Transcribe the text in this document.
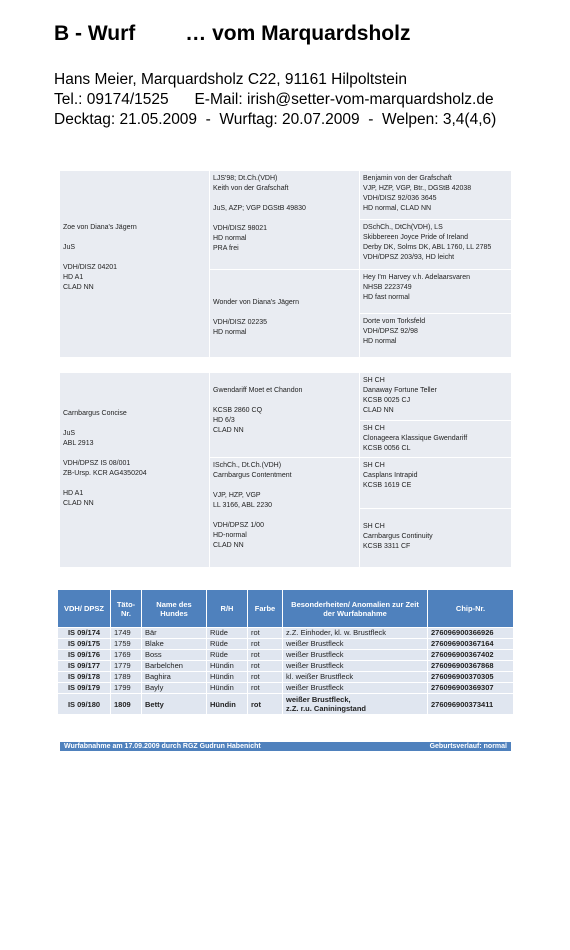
B - Wurf … vom Marquardsholz
Hans Meier, Marquardsholz C22, 91161 Hilpoltstein
Tel.: 09174/1525      E-Mail: irish@setter-vom-marquardsholz.de
Decktag: 21.05.2009  -  Wurftag: 20.07.2009  -  Welpen: 3,4(4,6)
Zoe von Diana's Jägern

JuS

VDH/DISZ 04201
HD A1
CLAD NN
LJS'98; Dt.Ch.(VDH)
Keith von der Grafschaft

JuS, AZP; VGP DGStB 49830

VDH/DISZ 98021
HD normal
PRA frei

Wonder von Diana's Jägern

VDH/DISZ 02235
HD normal
Benjamin von der Grafschaft
VJP, HZP, VGP, Btr., DGStB 42038
VDH/DISZ 92/036 3645
HD normal, CLAD NN
DSchCh., DtCh(VDH), LS
Skibbereen Joyce Pride of Ireland
Derby DK, Solms DK, ABL 1760, LL 2785
VDH/DPSZ 203/93, HD leicht
Hey I'm Harvey v.h. Adelaarsvaren
NHSB 2223749
HD fast normal
Dorte vom Torksfeld
VDH/DPSZ 92/98
HD normal
Carnbargus Concise

JuS
ABL 2913

VDH/DPSZ IS 08/001
ZB-Ursp. KCR AG4350204

HD A1
CLAD NN

Gwendariff Moet et Chandon

KCSB 2860 CQ
HD 6/3
CLAD NN
ISchCh., Dt.Ch.(VDH)
Carnbargus Contentment

VJP, HZP, VGP
LL 3166, ABL 2230

VDH/DPSZ 1/00
HD-normal
CLAD NN
SH CH
Danaway Fortune Teller
KCSB 0025 CJ
CLAD NN
SH CH
Clonageera Klassique Gwendariff
KCSB 0056 CL
SH CH
Casplans Intrapid
KCSB 1619 CE

SH CH
Carnbargus Continuity
KCSB 3311 CF
VDH/ DPSZ	Täto-Nr.	Name des Hundes	R/H	Farbe	Besonderheiten/ Anomalien zur Zeit der Wurfabnahme	Chip-Nr.
IS 09/174	1749	Bär	Rüde	rot	z.Z. Einhoder, kl. w. Brustfleck	276096900366926
IS 09/175	1759	Blake	Rüde	rot	weißer Brustfleck	276096900367164
IS 09/176	1769	Boss	Rüde	rot	weißer Brustfleck	276096900367402
IS 09/177	1779	Barbelchen	Hündin	rot	weißer Brustfleck	276096900367868
IS 09/178	1789	Baghira	Hündin	rot	kl. weißer Brustfleck	276096900370305
IS 09/179	1799	Bayly	Hündin	rot	weißer Brustfleck	276096900369307

IS 09/180	1809	Betty	Hündin	rot	weißer Brustfleck,
z.Z. r.u. Caniningstand	276096900373411
Wurfabnahme am 17.09.2009 durch RGZ Gudrun Habenicht	Geburtsverlauf: normal
